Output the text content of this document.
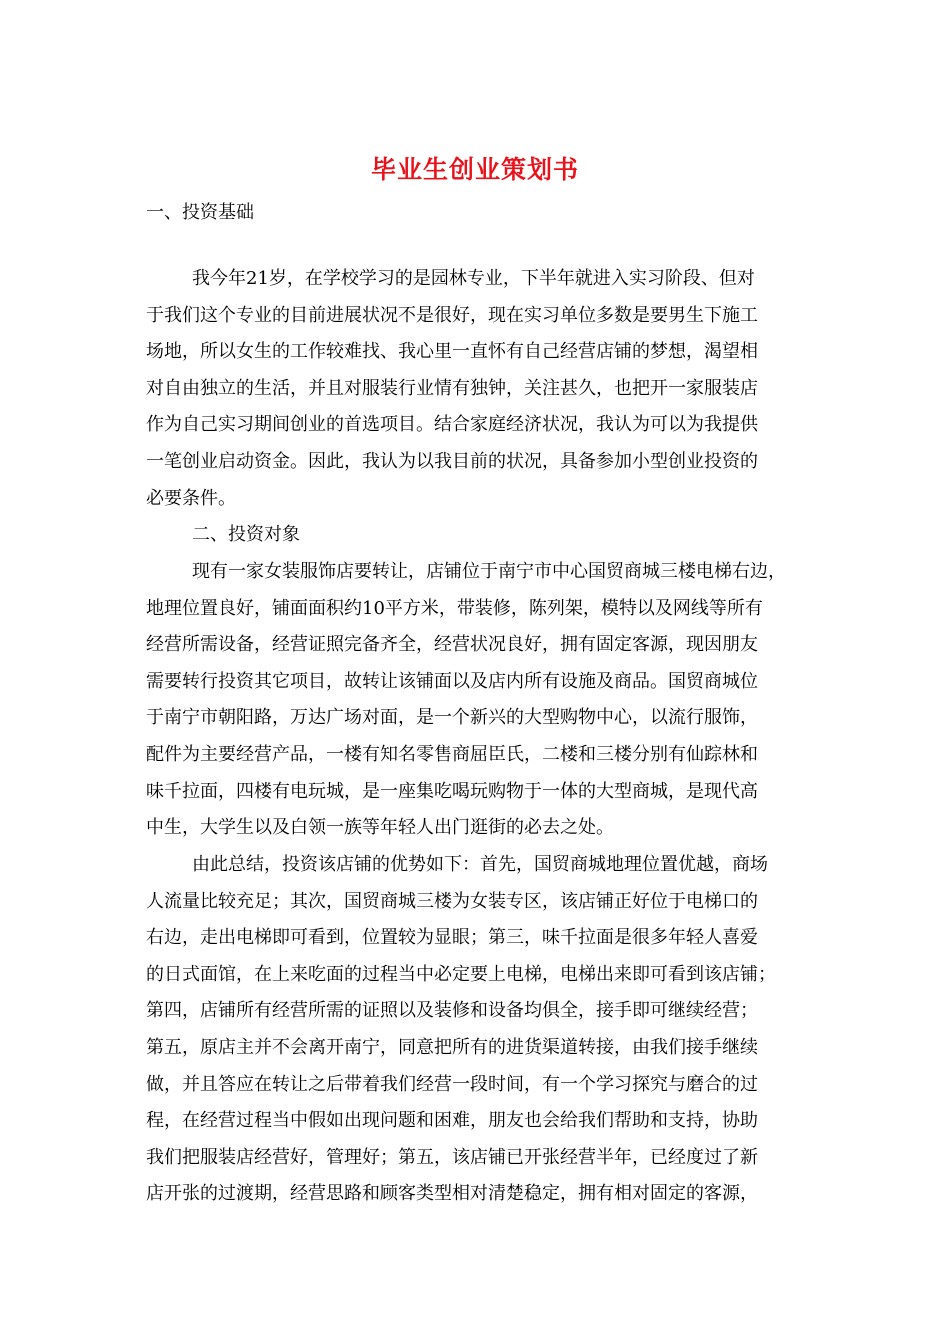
毕业生创业策划书
一、投资基础
我今年21岁，在学校学习的是园林专业，下半年就进入实习阶段、但对
于我们这个专业的目前进展状况不是很好，现在实习单位多数是要男生下施工
场地，所以女生的工作较难找、我心里一直怀有自己经营店铺的梦想，渴望相
对自由独立的生活，并且对服装行业情有独钟，关注甚久，也把开一家服装店
作为自己实习期间创业的首选项目。结合家庭经济状况，我认为可以为我提供
一笔创业启动资金。因此，我认为以我目前的状况，具备参加小型创业投资的
必要条件。
二、投资对象
现有一家女装服饰店要转让，店铺位于南宁市中心国贸商城三楼电梯右边，
地理位置良好，铺面面积约10平方米，带装修，陈列架，模特以及网线等所有
经营所需设备，经营证照完备齐全，经营状况良好，拥有固定客源，现因朋友
需要转行投资其它项目，故转让该铺面以及店内所有设施及商品。国贸商城位
于南宁市朝阳路，万达广场对面，是一个新兴的大型购物中心，以流行服饰，
配件为主要经营产品，一楼有知名零售商屈臣氏，二楼和三楼分别有仙踪林和
味千拉面，四楼有电玩城，是一座集吃喝玩购物于一体的大型商城，是现代高
中生，大学生以及白领一族等年轻人出门逛街的必去之处。
由此总结，投资该店铺的优势如下：首先，国贸商城地理位置优越，商场
人流量比较充足；其次，国贸商城三楼为女装专区，该店铺正好位于电梯口的
右边，走出电梯即可看到，位置较为显眼；第三，味千拉面是很多年轻人喜爱
的日式面馆，在上来吃面的过程当中必定要上电梯，电梯出来即可看到该店铺；
第四，店铺所有经营所需的证照以及装修和设备均俱全，接手即可继续经营；
第五，原店主并不会离开南宁，同意把所有的进货渠道转接，由我们接手继续
做，并且答应在转让之后带着我们经营一段时间，有一个学习探究与磨合的过
程，在经营过程当中假如出现问题和困难，朋友也会给我们帮助和支持，协助
我们把服装店经营好，管理好；第五，该店铺已开张经营半年，已经度过了新
店开张的过渡期，经营思路和顾客类型相对清楚稳定，拥有相对固定的客源，
